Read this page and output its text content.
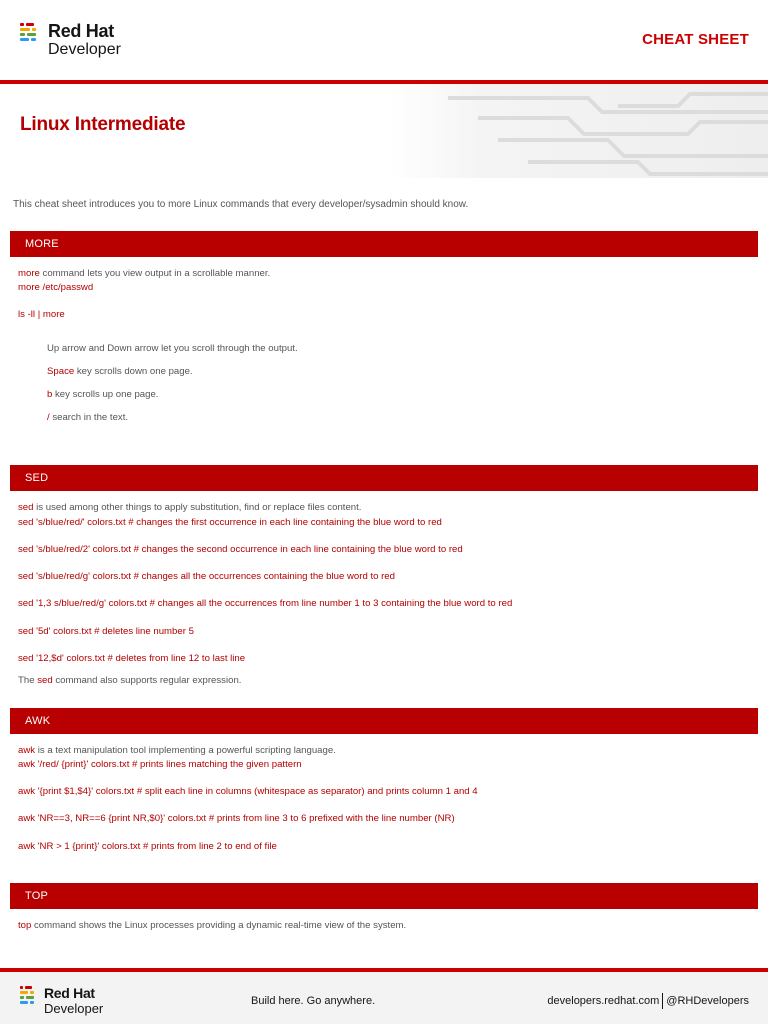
Red Hat
Developer
CHEAT SHEET
Linux Intermediate
This cheat sheet introduces you to more Linux commands that every developer/sysadmin should know.
MORE
more command lets you view output in a scrollable manner.
more /etc/passwd
ls -ll | more
Up arrow and Down arrow let you scroll through the output.
Space key scrolls down one page.
b key scrolls up one page.
/ search in the text.
SED
sed is used among other things to apply substitution, find or replace files content.
sed 's/blue/red/' colors.txt # changes the first occurrence in each line containing the blue word to red
sed 's/blue/red/2' colors.txt # changes the second occurrence in each line containing the blue word to red
sed 's/blue/red/g' colors.txt # changes all the occurrences containing the blue word to red
sed '1,3 s/blue/red/g' colors.txt # changes all the occurrences from line number 1 to 3 containing the blue word to red
sed '5d' colors.txt # deletes line number 5
sed '12,$d' colors.txt # deletes from line 12 to last line
The sed command also supports regular expression.
AWK
awk is a text manipulation tool implementing a powerful scripting language.
awk '/red/ {print}' colors.txt # prints lines matching the given pattern
awk '{print $1,$4}' colors.txt # split each line in columns (whitespace as separator) and prints column 1 and 4
awk 'NR==3, NR==6 {print NR,$0}' colors.txt # prints from line 3 to 6 prefixed with the line number (NR)
awk 'NR > 1 {print}' colors.txt # prints from line 2 to end of file
TOP
top command shows the Linux processes providing a dynamic real-time view of the system.
Red Hat
Developer	Build here. Go anywhere.	developers.redhat.com @RHDevelopers
